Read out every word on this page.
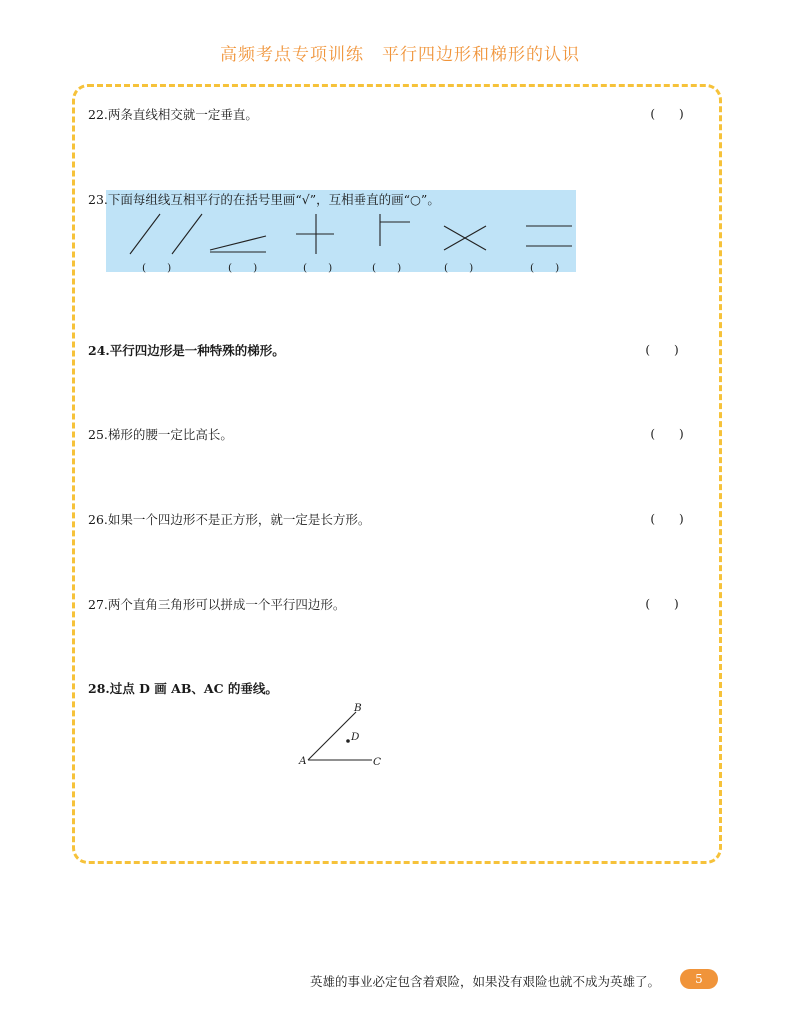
高频考点专项训练　平行四边形和梯形的认识
22.两条直线相交就一定垂直。	(　　)
23.下面每组线互相平行的在括号里画“√”，互相垂直的画“○”。
(　　)	(　　)	(　　)	(　　)	(　　)	(　　)
24.平行四边形是一种特殊的梯形。	(　　)
25.梯形的腰一定比高长。	(　　)
26.如果一个四边形不是正方形，就一定是长方形。	(　　)
27.两个直角三角形可以拼成一个平行四边形。	(　　)
28.过点 D 画 AB、AC 的垂线。
A
B
C
D
英雄的事业必定包含着艰险，如果没有艰险也就不成为英雄了。	5
